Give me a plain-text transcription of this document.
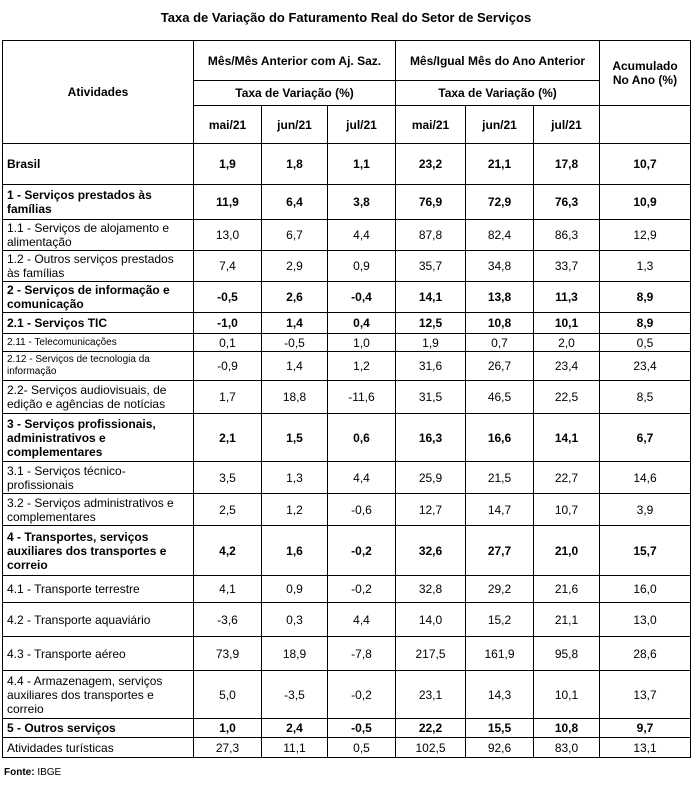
Taxa de Variação do Faturamento Real do Setor de Serviços
Atividades	Mês/Mês Anterior com Aj. Saz.			Mês/Igual Mês do Ano Anterior			Acumulado No Ano (%)
	Taxa de Variação (%)			Taxa de Variação (%)			
	mai/21	jun/21	jul/21	mai/21	jun/21	jul/21	
Brasil	1,9	1,8	1,1	23,2	21,1	17,8	10,7
1 - Serviços prestados às famílias	11,9	6,4	3,8	76,9	72,9	76,3	10,9
1.1 - Serviços de alojamento e alimentação	13,0	6,7	4,4	87,8	82,4	86,3	12,9
1.2 - Outros serviços prestados às famílias	7,4	2,9	0,9	35,7	34,8	33,7	1,3
2 - Serviços de informação e comunicação	-0,5	2,6	-0,4	14,1	13,8	11,3	8,9
2.1 - Serviços TIC	-1,0	1,4	0,4	12,5	10,8	10,1	8,9
2.11 - Telecomunicações	0,1	-0,5	1,0	1,9	0,7	2,0	0,5
2.12 - Serviços de tecnologia da informação	-0,9	1,4	1,2	31,6	26,7	23,4	23,4
2.2- Serviços audiovisuais, de edição e agências de notícias	1,7	18,8	-11,6	31,5	46,5	22,5	8,5
3 - Serviços profissionais, administrativos e complementares	2,1	1,5	0,6	16,3	16,6	14,1	6,7
3.1 - Serviços técnico-profissionais	3,5	1,3	4,4	25,9	21,5	22,7	14,6
3.2 - Serviços administrativos e complementares	2,5	1,2	-0,6	12,7	14,7	10,7	3,9
4 - Transportes, serviços auxiliares dos transportes e correio	4,2	1,6	-0,2	32,6	27,7	21,0	15,7
4.1 - Transporte terrestre	4,1	0,9	-0,2	32,8	29,2	21,6	16,0
4.2 - Transporte aquaviário	-3,6	0,3	4,4	14,0	15,2	21,1	13,0
4.3 - Transporte aéreo	73,9	18,9	-7,8	217,5	161,9	95,8	28,6
4.4 - Armazenagem, serviços auxiliares dos transportes e correio	5,0	-3,5	-0,2	23,1	14,3	10,1	13,7
5 - Outros serviços	1,0	2,4	-0,5	22,2	15,5	10,8	9,7
Atividades turísticas	27,3	11,1	0,5	102,5	92,6	83,0	13,1
Fonte: IBGE
